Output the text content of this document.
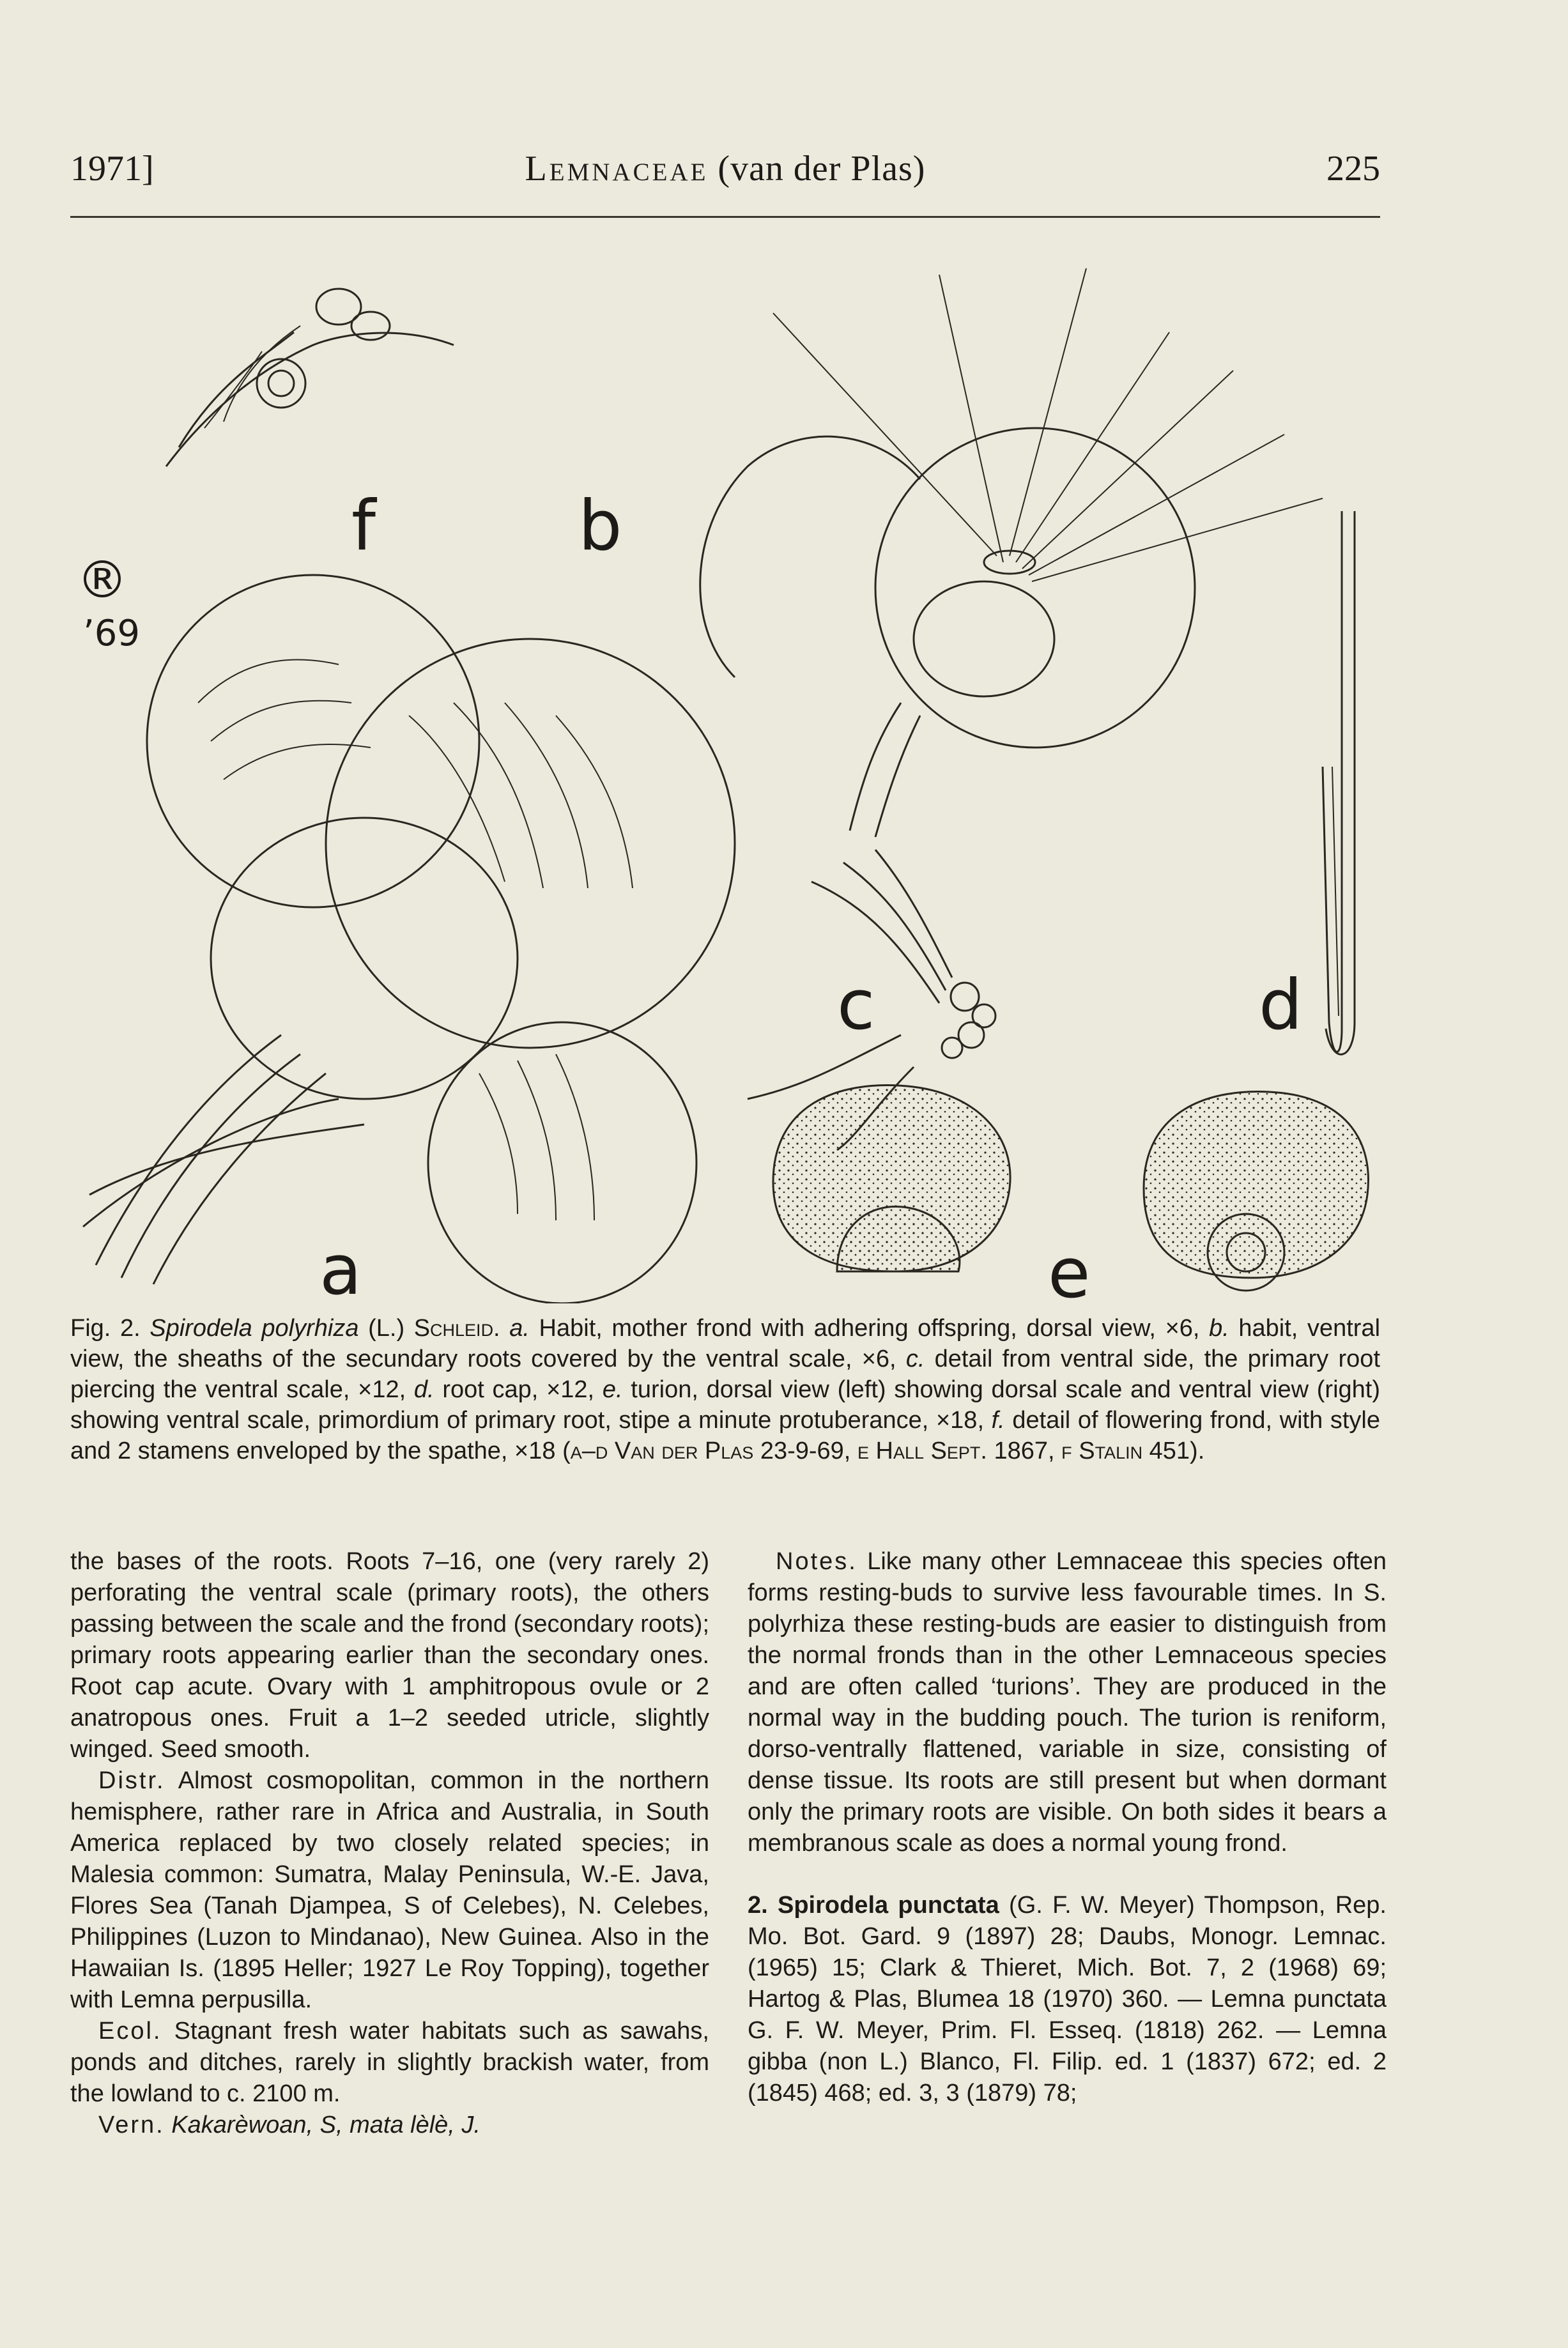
1971]	Lemnaceae (van der Plas)	225
®
’69
a
b
c	d
e
f
Fig. 2. Spirodela polyrhiza (L.) Schleid. a. Habit, mother frond with adhering offspring, dorsal view, ×6, b. habit, ventral view, the sheaths of the secundary roots covered by the ventral scale, ×6, c. detail from ventral side, the primary root piercing the ventral scale, ×12, d. root cap, ×12, e. turion, dorsal view (left) showing dorsal scale and ventral view (right) showing ventral scale, primordium of primary root, stipe a minute protuberance, ×18, f. detail of flowering frond, with style and 2 stamens enveloped by the spathe, ×18 (a–d Van der Plas 23-9-69, e Hall Sept. 1867, f Stalin 451).

the bases of the roots. Roots 7–16, one (very rarely 2) perforating the ventral scale (primary roots), the others passing between the scale and the frond (secondary roots); primary roots appearing earlier than the secondary ones. Root cap acute. Ovary with 1 amphitropous ovule or 2 anatropous ones. Fruit a 1–2 seeded utricle, slightly winged. Seed smooth.

Distr. Almost cosmopolitan, common in the northern hemisphere, rather rare in Africa and Australia, in South America replaced by two closely related species; in Malesia common: Sumatra, Malay Peninsula, W.-E. Java, Flores Sea (Tanah Djampea, S of Celebes), N. Celebes, Philippines (Luzon to Mindanao), New Guinea. Also in the Hawaiian Is. (1895 Heller; 1927 Le Roy Topping), together with Lemna perpusilla.

Ecol. Stagnant fresh water habitats such as sawahs, ponds and ditches, rarely in slightly brackish water, from the lowland to c. 2100 m.

Vern. Kakarèwoan, S, mata lèlè, J.

Notes. Like many other Lemnaceae this species often forms resting-buds to survive less favourable times. In S. polyrhiza these resting-buds are easier to distinguish from the normal fronds than in the other Lemnaceous species and are often called ‘turions’. They are produced in the normal way in the budding pouch. The turion is reniform, dorso-ventrally flattened, variable in size, consisting of dense tissue. Its roots are still present but when dormant only the primary roots are visible. On both sides it bears a membranous scale as does a normal young frond.

2. Spirodela punctata (G. F. W. Meyer) Thompson, Rep. Mo. Bot. Gard. 9 (1897) 28; Daubs, Monogr. Lemnac. (1965) 15; Clark & Thieret, Mich. Bot. 7, 2 (1968) 69; Hartog & Plas, Blumea 18 (1970) 360. — Lemna punctata G. F. W. Meyer, Prim. Fl. Esseq. (1818) 262. — Lemna gibba (non L.) Blanco, Fl. Filip. ed. 1 (1837) 672; ed. 2 (1845) 468; ed. 3, 3 (1879) 78;
